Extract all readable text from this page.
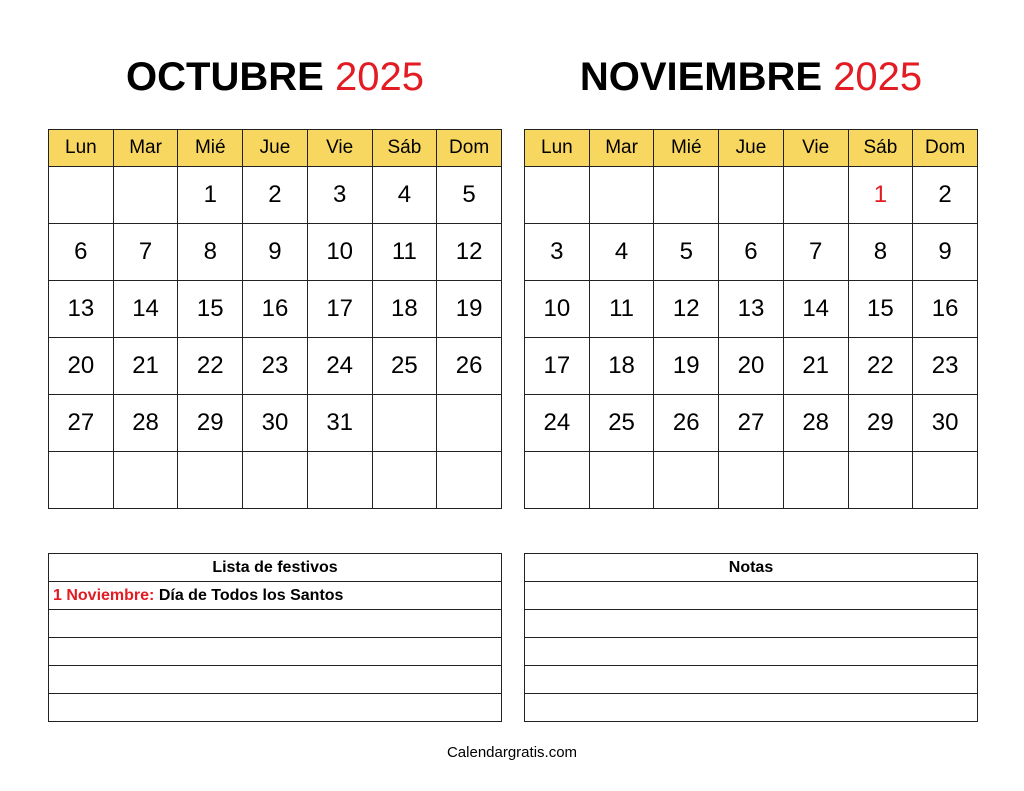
OCTUBRE 2025	NOVIEMBRE 2025
Lun	Mar	Mié	Jue	Vie	Sáb	Dom
		1	2	3	4	5
6	7	8	9	10	11	12
13	14	15	16	17	18	19
20	21	22	23	24	25	26
27	28	29	30	31		

Lun	Mar	Mié	Jue	Vie	Sáb	Dom
					1	2
3	4	5	6	7	8	9
10	11	12	13	14	15	16
17	18	19	20	21	22	23
24	25	26	27	28	29	30

Lista de festivos
1 Noviembre: Día de Todos los Santos

Notas

Calendargratis.com
